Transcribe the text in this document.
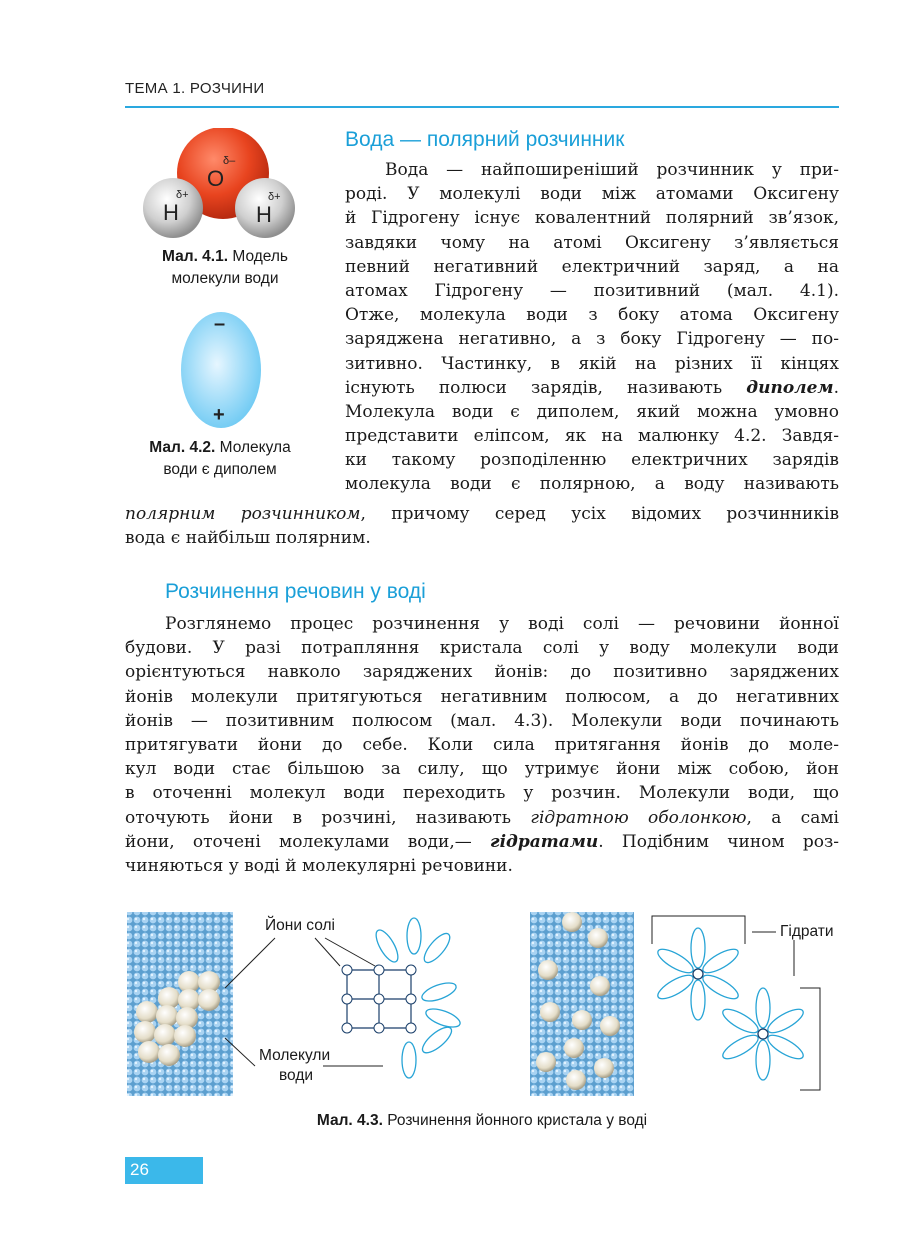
ТЕМА 1. РОЗЧИНИ
O
δ–
H
δ+
H
δ+
Мал. 4.1. Модель
молекули води
–
+
Мал. 4.2. Молекула
води є диполем
Вода — полярний розчинник
Вода — найпоширеніший розчинник у при-
роді. У молекулі води між атомами Оксигену
й Гідрогену існує ковалентний полярний зв’язок,
завдяки чому на атомі Оксигену з’являється
певний негативний електричний заряд, а на
атомах Гідрогену — позитивний (мал. 4.1).
Отже, молекула води з боку атома Оксигену
заряджена негативно, а з боку Гідрогену — по-
зитивно. Частинку, в якій на різних її кінцях
існують полюси зарядів, називають диполем.
Молекула води є диполем, який можна умовно
представити еліпсом, як на малюнку 4.2. Завдя-
ки такому розподіленню електричних зарядів
молекула води є полярною, а воду називають
полярним розчинником, причому серед усіх відомих розчинників
вода є найбільш полярним.
Розчинення речовин у воді
Розглянемо процес розчинення у воді солі — речовини йонної
будови. У разі потрапляння кристала солі у воду молекули води
орієнтуються навколо заряджених йонів: до позитивно заряджених
йонів молекули притягуються негативним полюсом, а до негативних
йонів — позитивним полюсом (мал. 4.3). Молекули води починають
притягувати йони до себе. Коли сила притягання йонів до моле-
кул води стає більшою за силу, що утримує йони між собою, йон
в оточенні молекул води переходить у розчин. Молекули води, що
оточують йони в розчині, називають гідратною оболонкою, а самі
йони, оточені молекулами води,— гідратами. Подібним чином роз-
чиняються у воді й молекулярні речовини.
Йони солі
Молекули
води
Гідрати
Мал. 4.3. Розчинення йонного кристала у воді
26
